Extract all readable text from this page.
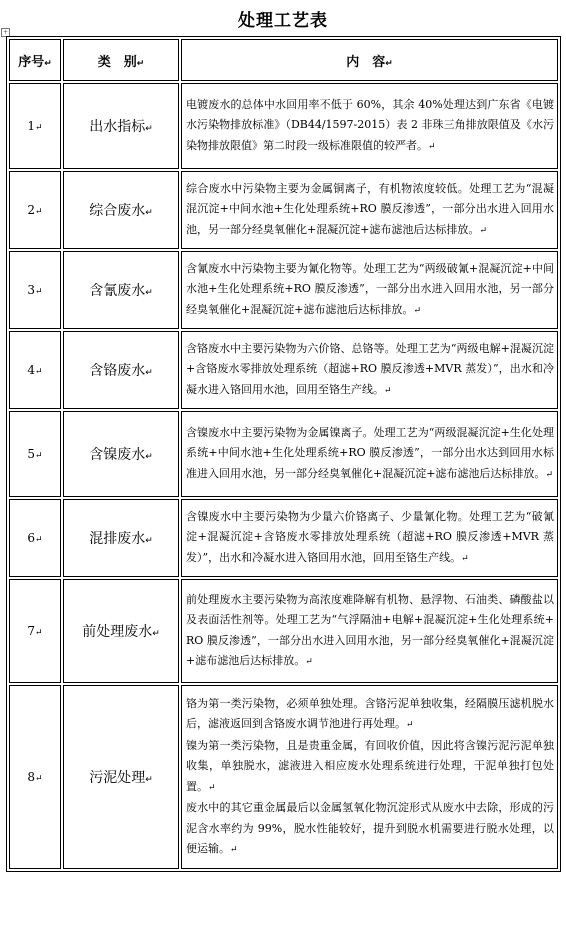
处理工艺表
+
序号↵	类　别↵	内　容↵
1↵	出水指标↵	电镀废水的总体中水回用率不低于 60%，其余 40%处理达到广东省《电镀水污染物排放标准》（DB44/1597-2015）表 2 非珠三角排放限值及《水污染物排放限值》第二时段一级标准限值的较严者。↵

2↵	综合废水↵	综合废水中污染物主要为金属铜离子，有机物浓度较低。处理工艺为“混凝混沉淀+中间水池+生化处理系统+RO 膜反渗透”，一部分出水进入回用水池，另一部分经臭氧催化+混凝沉淀+滤布滤池后达标排放。↵

3↵	含氰废水↵	含氰废水中污染物主要为氰化物等。处理工艺为“两级破氰+混凝沉淀+中间水池+生化处理系统+RO 膜反渗透”，一部分出水进入回用水池，另一部分经臭氧催化+混凝沉淀+滤布滤池后达标排放。↵

4↵	含铬废水↵	含铬废水中主要污染物为六价铬、总铬等。处理工艺为“两级电解+混凝沉淀+含铬废水零排放处理系统（超滤+RO 膜反渗透+MVR 蒸发）”，出水和冷凝水进入铬回用水池，回用至铬生产线。↵

5↵	含镍废水↵	含镍废水中主要污染物为金属镍离子。处理工艺为“两级混凝沉淀+生化处理系统+中间水池+生化处理系统+RO 膜反渗透”，一部分出水达到回用水标准进入回用水池，另一部分经臭氧催化+混凝沉淀+滤布滤池后达标排放。↵

6↵	混排废水↵	含镍废水中主要污染物为少量六价铬离子、少量氰化物。处理工艺为“破氰淀+混凝沉淀+含铬废水零排放处理系统（超滤+RO 膜反渗透+MVR 蒸发）”，出水和冷凝水进入铬回用水池，回用至铬生产线。↵

7↵	前处理废水↵	前处理废水主要污染物为高浓度难降解有机物、悬浮物、石油类、磷酸盐以及表面活性剂等。处理工艺为“气浮隔油+电解+混凝沉淀+生化处理系统+RO 膜反渗透”，一部分出水进入回用水池，另一部分经臭氧催化+混凝沉淀+滤布滤池后达标排放。↵

8↵	污泥处理↵	铬为第一类污染物，必须单独处理。含铬污泥单独收集，经隔膜压滤机脱水后，滤液返回到含铬废水调节池进行再处理。↵

镍为第一类污染物，且是贵重金属，有回收价值，因此将含镍污泥污泥单独收集，单独脱水，滤液进入相应废水处理系统进行处理，干泥单独打包处置。↵

废水中的其它重金属最后以金属氢氧化物沉淀形式从废水中去除，形成的污泥含水率约为 99%，脱水性能较好，提升到脱水机需要进行脱水处理，以便运输。↵
